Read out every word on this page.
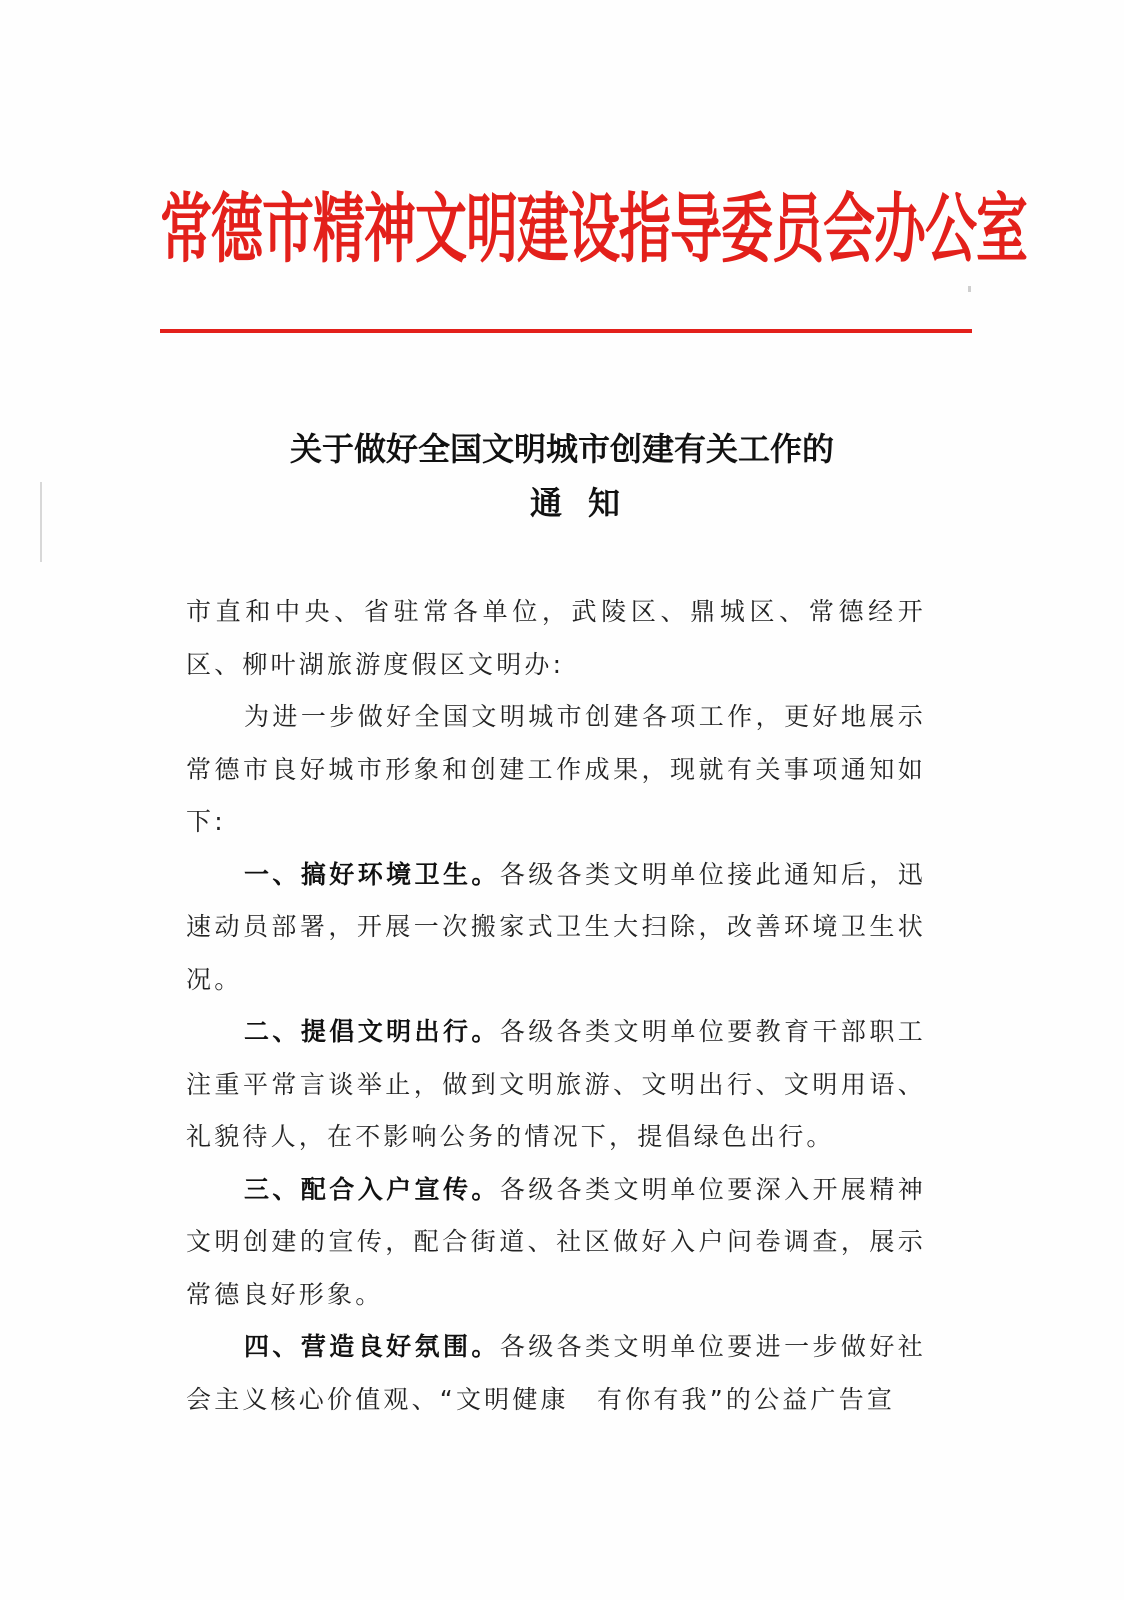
常德市精神文明建设指导委员会办公室
关于做好全国文明城市创建有关工作的
通知

市直和中央、省驻常各单位，武陵区、鼎城区、常德经开区、柳叶湖旅游度假区文明办:

为进一步做好全国文明城市创建各项工作，更好地展示常德市良好城市形象和创建工作成果，现就有关事项通知如下:

一、搞好环境卫生。各级各类文明单位接此通知后，迅速动员部署，开展一次搬家式卫生大扫除，改善环境卫生状况。

二、提倡文明出行。各级各类文明单位要教育干部职工注重平常言谈举止，做到文明旅游、文明出行、文明用语、礼貌待人，在不影响公务的情况下，提倡绿色出行。

三、配合入户宣传。各级各类文明单位要深入开展精神文明创建的宣传，配合街道、社区做好入户问卷调查，展示常德良好形象。

四、营造良好氛围。各级各类文明单位要进一步做好社会主义核心价值观、“文明健康　有你有我”的公益广告宣
